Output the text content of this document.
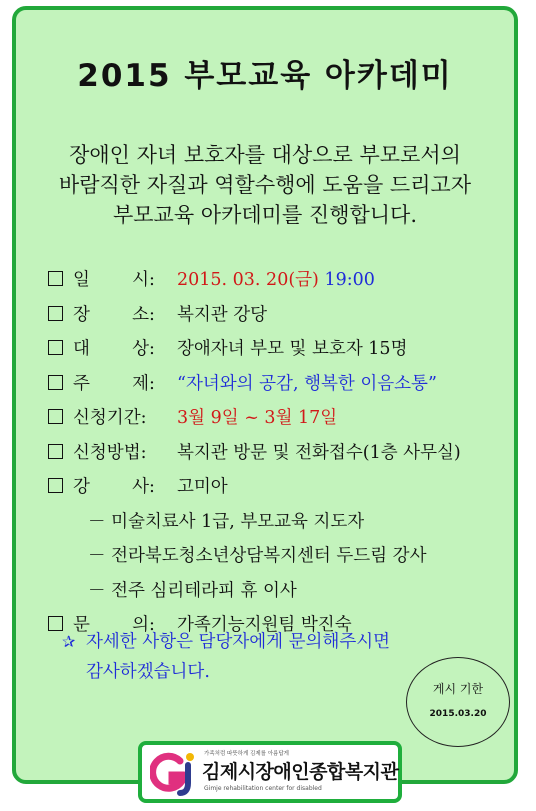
2015 부모교육 아카데미
장애인 자녀 보호자를 대상으로 부모로서의
바람직한 자질과 역할수행에 도움을 드리고자
부모교육 아카데미를 진행합니다.
일 시 : 2015. 03. 20(금) 19:00
장 소 : 복지관 강당
대 상 : 장애자녀 부모 및 보호자 15명
주 제 : “자녀와의 공감, 행복한 이음소통”
신청기간: 3월 9일 ~ 3월 17일
신청방법: 복지관 방문 및 전화접수(1층 사무실)
강 사 : 고미아
－ 미술치료사 1급, 부모교육 지도자
－ 전라북도청소년상담복지센터 두드림 강사
－ 전주 심리테라피 휴 이사
문 의 : 가족기능지원팀 박진숙
✰ 자세한 사항은 담당자에게 문의해주시면
감사하겠습니다.
게시 기한
2015.03.20
가족처럼 따뜻하게 김제를 아름답게
김제시장애인종합복지관
Gimje rehabilitation center for disabled
